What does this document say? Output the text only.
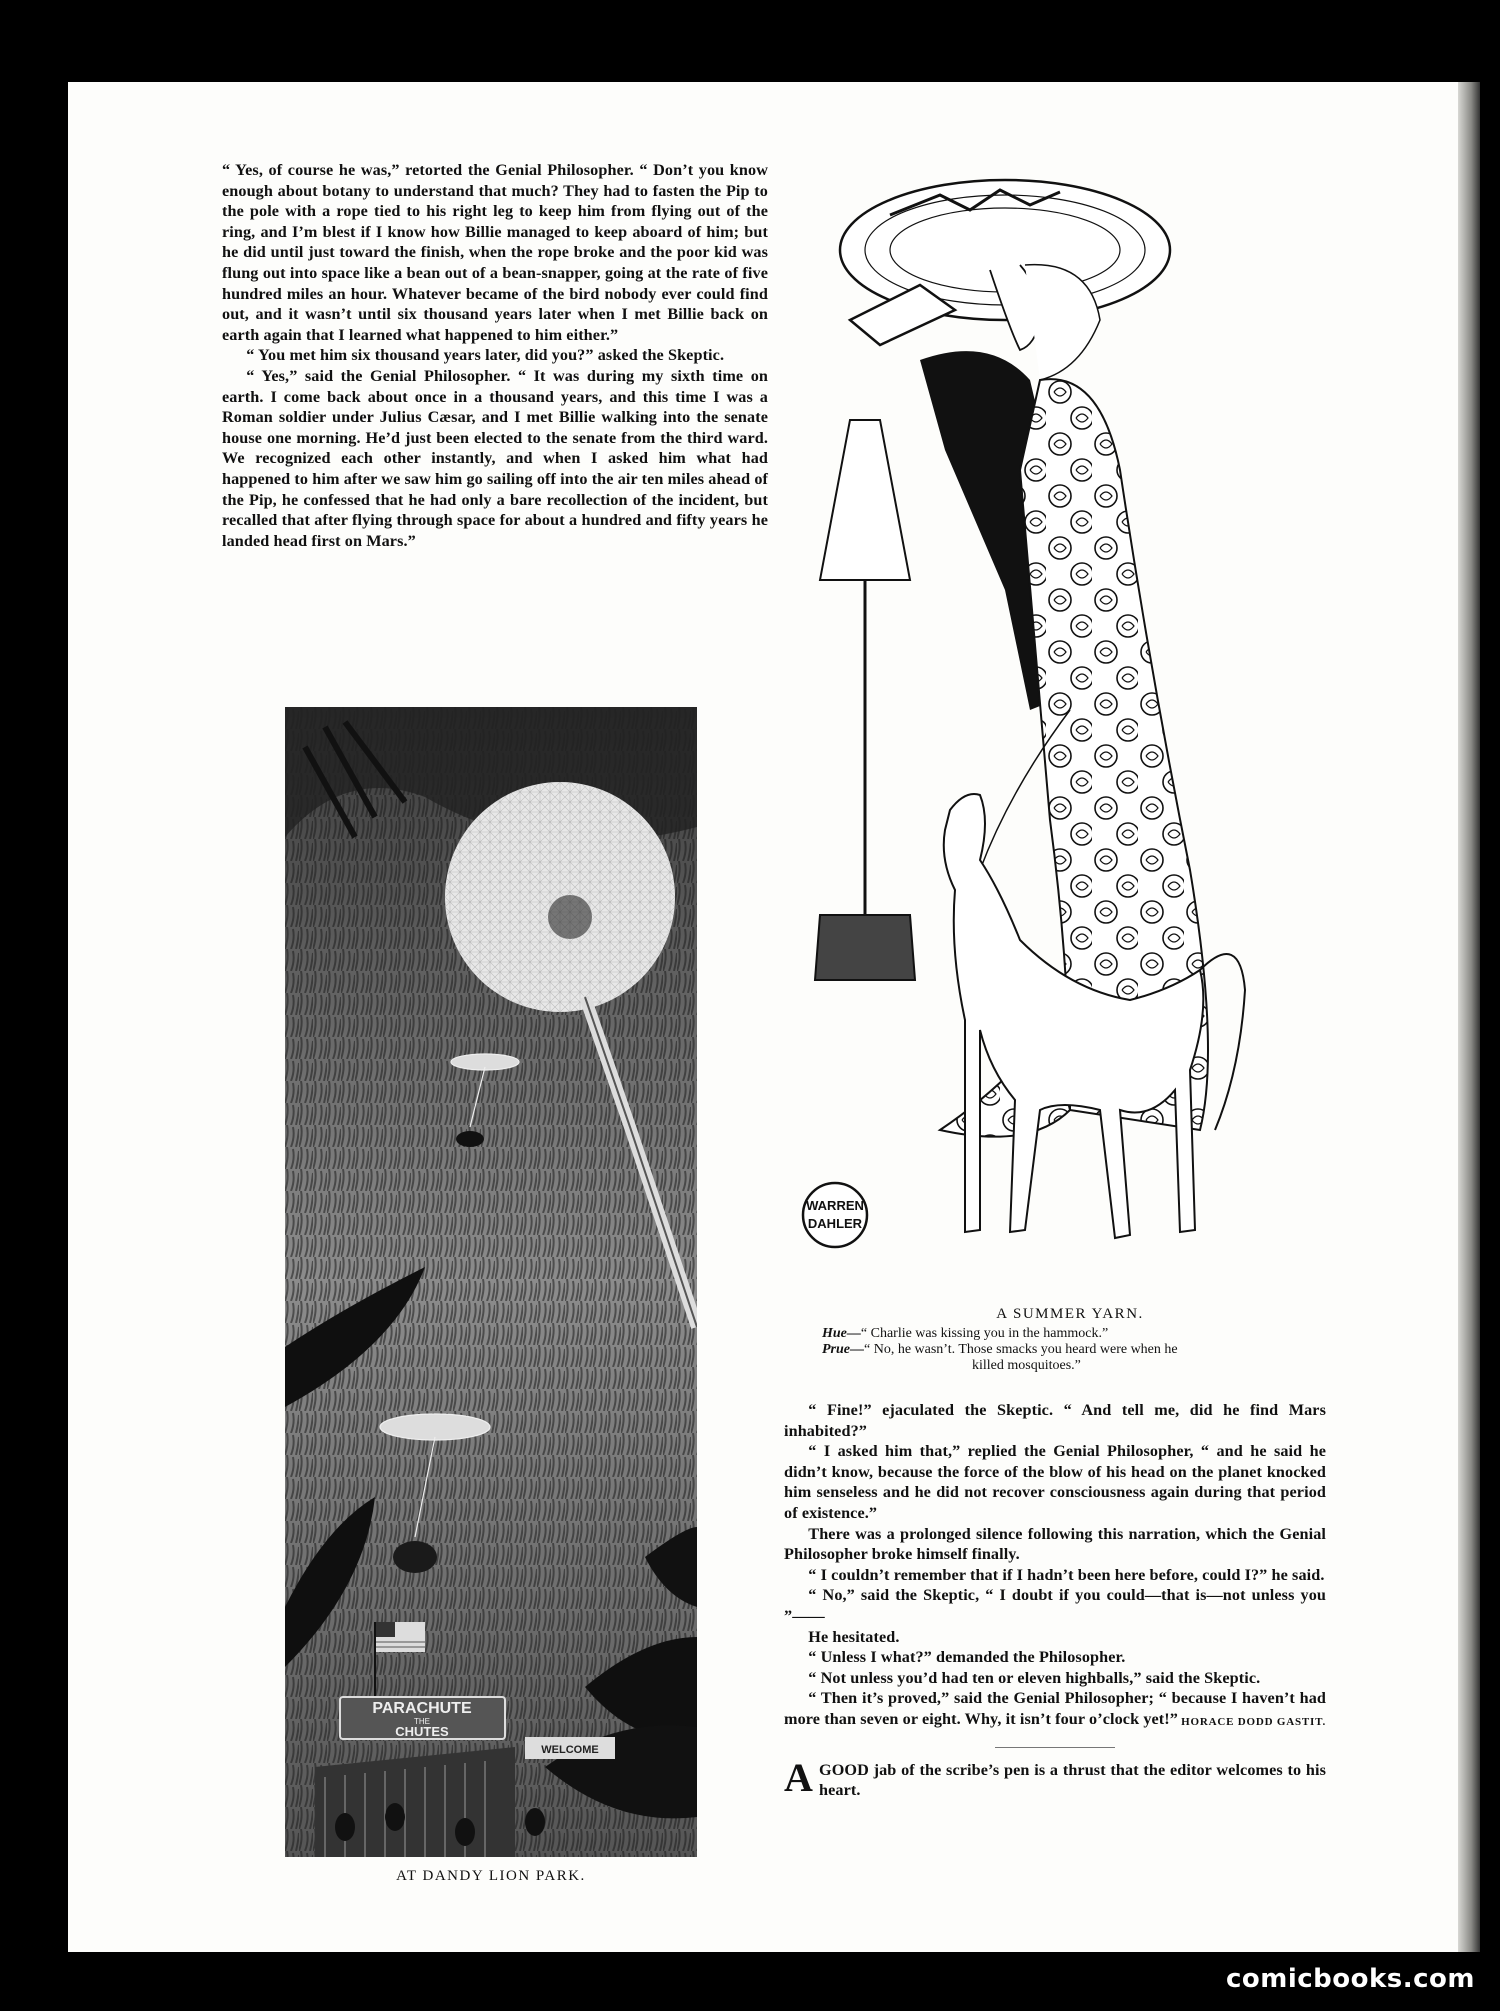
“ Yes, of course he was,” retorted the Genial Philosopher. “ Don’t you know enough about botany to understand that much? They had to fasten the Pip to the pole with a rope tied to his right leg to keep him from flying out of the ring, and I’m blest if I know how Billie managed to keep aboard of him; but he did until just toward the finish, when the rope broke and the poor kid was flung out into space like a bean out of a bean-snapper, going at the rate of five hundred miles an hour. Whatever became of the bird nobody ever could find out, and it wasn’t until six thousand years later when I met Billie back on earth again that I learned what happened to him either.”

“ You met him six thousand years later, did you?” asked the Skeptic.

“ Yes,” said the Genial Philosopher. “ It was during my sixth time on earth. I come back about once in a thousand years, and this time I was a Roman soldier under Julius Cæsar, and I met Billie walking into the senate house one morning. He’d just been elected to the senate from the third ward. We recognized each other instantly, and when I asked him what had happened to him after we saw him go sailing off into the air ten miles ahead of the Pip, he confessed that he had only a bare recollection of the incident, but recalled that after flying through space for about a hundred and fifty years he landed head first on Mars.”

PARACHUTE
THE
CHUTES
WELCOME
AT DANDY LION PARK.
WARREN
DAHLER
A SUMMER YARN.
Hue—“ Charlie was kissing you in the hammock.”
Prue—“ No, he wasn’t. Those smacks you heard were when he
killed mosquitoes.”

“ Fine!” ejaculated the Skeptic. “ And tell me, did he find Mars inhabited?”

“ I asked him that,” replied the Genial Philosopher, “ and he said he didn’t know, because the force of the blow of his head on the planet knocked him senseless and he did not recover consciousness again during that period of existence.”

There was a prolonged silence following this narration, which the Genial Philosopher broke himself finally.

“ I couldn’t remember that if I hadn’t been here before, could I?” he said.

“ No,” said the Skeptic, “ I doubt if you could—that is—not unless you ”——

He hesitated.

“ Unless I what?” demanded the Philosopher.

“ Not unless you’d had ten or eleven highballs,” said the Skeptic.

“ Then it’s proved,” said the Genial Philosopher; “ because I haven’t had more than seven or eight. Why, it isn’t four o’clock yet!” HORACE DODD GASTIT.

AGOOD jab of the scribe’s pen is a thrust that the editor welcomes to his heart.

comicbooks.com
